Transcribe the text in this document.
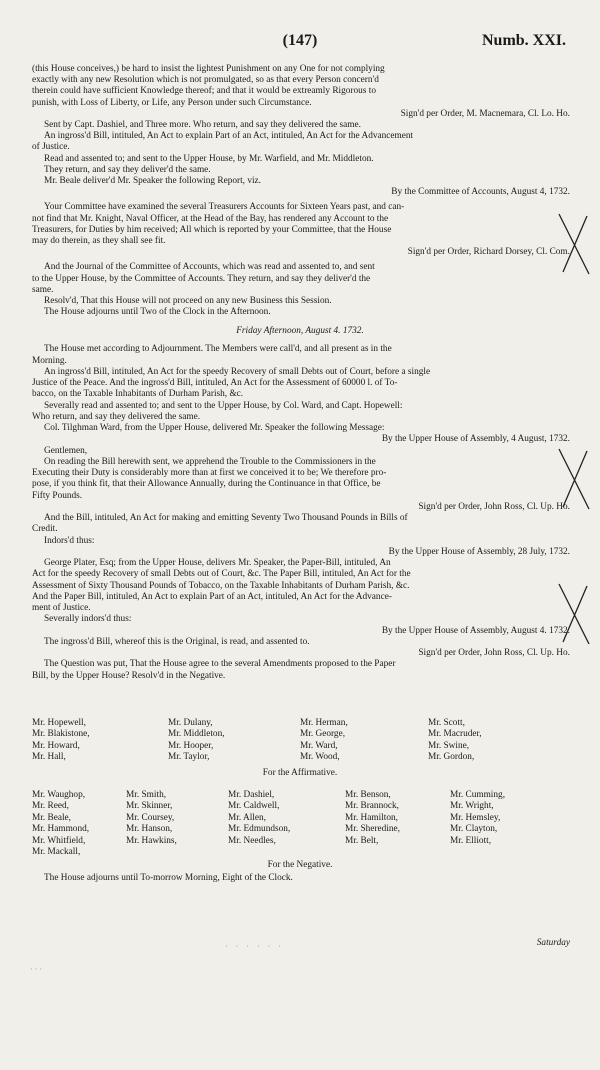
(147)	Numb. XXI.
(this House conceives,) be hard to insist the lightest Punishment on any One for not complying
exactly with any new Resolution which is not promulgated, so as that every Person concern'd
therein could have sufficient Knowledge thereof; and that it would be extreamly Rigorous to
punish, with Loss of Liberty, or Life, any Person under such Circumstance.
Sign'd per Order, M. Macnemara, Cl. Lo. Ho.
Sent by Capt. Dashiel, and Three more. Who return, and say they delivered the same.
An ingross'd Bill, intituled, An Act to explain Part of an Act, intituled, An Act for the Advancement
of Justice.
Read and assented to; and sent to the Upper House, by Mr. Warfield, and Mr. Middleton.
They return, and say they deliver'd the same.
Mr. Beale deliver'd Mr. Speaker the following Report, viz.
By the Committee of Accounts, August 4, 1732.
Your Committee have examined the several Treasurers Accounts for Sixteen Years past, and can-
not find that Mr. Knight, Naval Officer, at the Head of the Bay, has rendered any Account to the
Treasurers, for Duties by him received; All which is reported by your Committee, that the House
may do therein, as they shall see fit.
Sign'd per Order, Richard Dorsey, Cl. Com.
And the Journal of the Committee of Accounts, which was read and assented to, and sent
to the Upper House, by the Committee of Accounts. They return, and say they deliver'd the
same.
Resolv'd, That this House will not proceed on any new Business this Session.
The House adjourns until Two of the Clock in the Afternoon.
Friday Afternoon, August 4. 1732.
The House met according to Adjournment. The Members were call'd, and all present as in the
Morning.
An ingross'd Bill, intituled, An Act for the speedy Recovery of small Debts out of Court, before a single
Justice of the Peace. And the ingross'd Bill, intituled, An Act for the Assessment of 60000 l. of To-
bacco, on the Taxable Inhabitants of Durham Parish, &c.
Severally read and assented to; and sent to the Upper House, by Col. Ward, and Capt. Hopewell:
Who return, and say they delivered the same.
Col. Tilghman Ward, from the Upper House, delivered Mr. Speaker the following Message:
By the Upper House of Assembly, 4 August, 1732.
Gentlemen,
On reading the Bill herewith sent, we apprehend the Trouble to the Commissioners in the
Executing their Duty is considerably more than at first we conceived it to be; We therefore pro-
pose, if you think fit, that their Allowance Annually, during the Continuance in that Office, be
Fifty Pounds.
Sign'd per Order, John Ross, Cl. Up. Ho.
And the Bill, intituled, An Act for making and emitting Seventy Two Thousand Pounds in Bills of
Credit.
Indors'd thus:
By the Upper House of Assembly, 28 July, 1732.
George Plater, Esq; from the Upper House, delivers Mr. Speaker, the Paper-Bill, intituled, An
Act for the speedy Recovery of small Debts out of Court, &c. The Paper Bill, intituled, An Act for the
Assessment of Sixty Thousand Pounds of Tobacco, on the Taxable Inhabitants of Durham Parish, &c.
And the Paper Bill, intituled, An Act to explain Part of an Act, intituled, An Act for the Advance-
ment of Justice.
Severally indors'd thus:
By the Upper House of Assembly, August 4. 1732.
The ingross'd Bill, whereof this is the Original, is read, and assented to.
Sign'd per Order, John Ross, Cl. Up. Ho.
The Question was put, That the House agree to the several Amendments proposed to the Paper
Bill, by the Upper House? Resolv'd in the Negative.
Mr. Hopewell,
Mr. Blakistone,
Mr. Howard,
Mr. Hall,
Mr. Dulany,
Mr. Middleton,
Mr. Hooper,
Mr. Taylor,
Mr. Herman,
Mr. George,
Mr. Ward,
Mr. Wood,
Mr. Scott,
Mr. Macruder,
Mr. Swine,
Mr. Gordon,
For the Affirmative.
Mr. Waughop,
Mr. Reed,
Mr. Beale,
Mr. Hammond,
Mr. Whitfield,
Mr. Mackall,
Mr. Smith,
Mr. Skinner,
Mr. Coursey,
Mr. Hanson,
Mr. Hawkins,
Mr. Dashiel,
Mr. Caldwell,
Mr. Allen,
Mr. Edmundson,
Mr. Needles,
Mr. Benson,
Mr. Brannock,
Mr. Hamilton,
Mr. Sheredine,
Mr. Belt,
Mr. Cumming,
Mr. Wright,
Mr. Hemsley,
Mr. Clayton,
Mr. Elliott,
For the Negative.
The House adjourns until To-morrow Morning, Eight of the Clock.
· · · · · ·
· · ·
Saturday
